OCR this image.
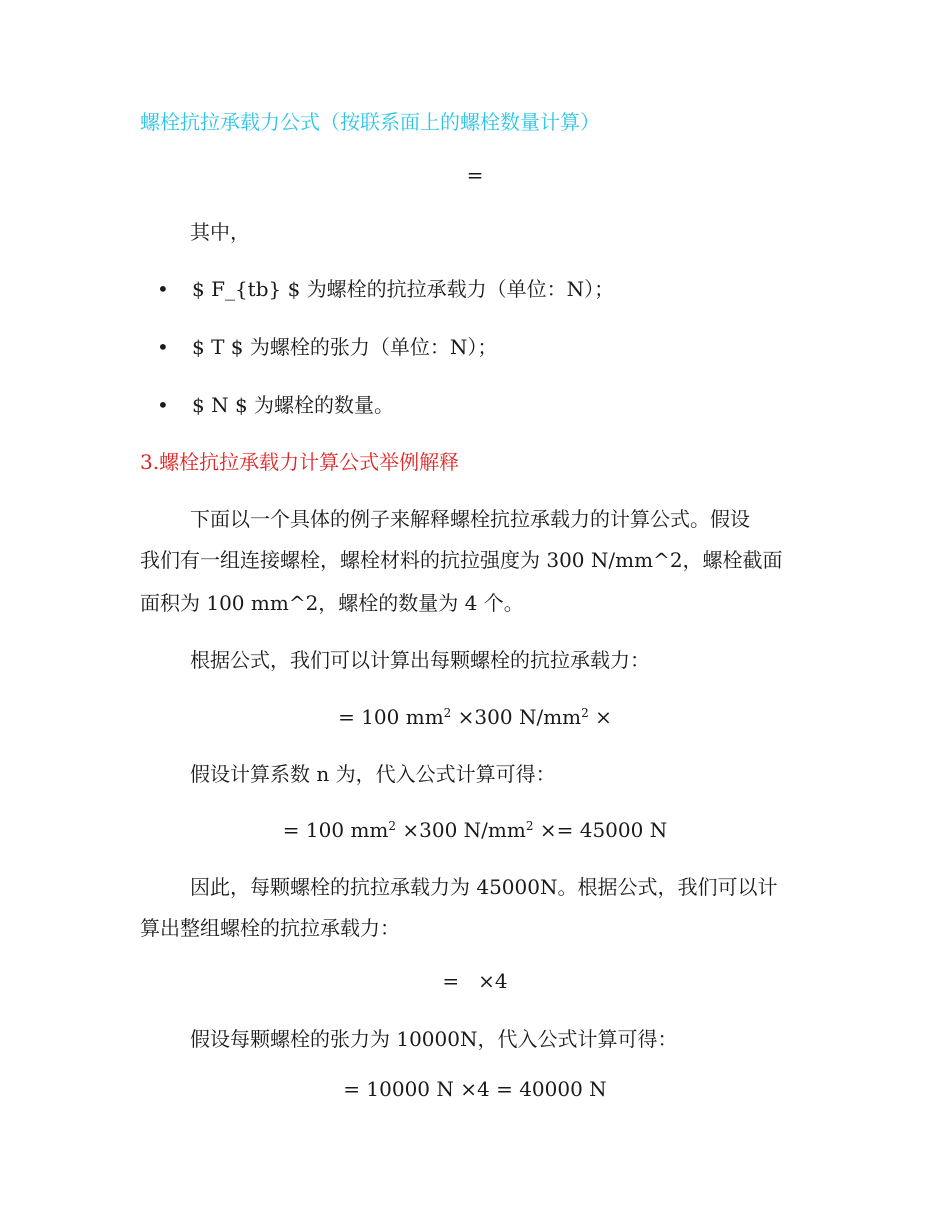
螺栓抗拉承载力公式（按联系面上的螺栓数量计算）
=
其中，
• $ F_{tb} $ 为螺栓的抗拉承载力（单位：N）；
• $ T $ 为螺栓的张力（单位：N）；
• $ N $ 为螺栓的数量。
3.螺栓抗拉承载力计算公式举例解释
下面以一个具体的例子来解释螺栓抗拉承载力的计算公式。假设
我们有一组连接螺栓，螺栓材料的抗拉强度为 300 N/mm^2，螺栓截面
面积为 100 mm^2，螺栓的数量为 4 个。
根据公式，我们可以计算出每颗螺栓的抗拉承载力：
= 100 $mm^2 \times 300$ $N/mm^2$ ×
假设计算系数 n 为，代入公式计算可得：
= 100 $mm^2 \times 300$ $N/mm^2 \times= 45000$ N
因此，每颗螺栓的抗拉承载力为 45000N。根据公式，我们可以计
算出整组螺栓的抗拉承载力：
=   ×4
假设每颗螺栓的张力为 10000N，代入公式计算可得：
= 10000 N ×4 = 40000 N
